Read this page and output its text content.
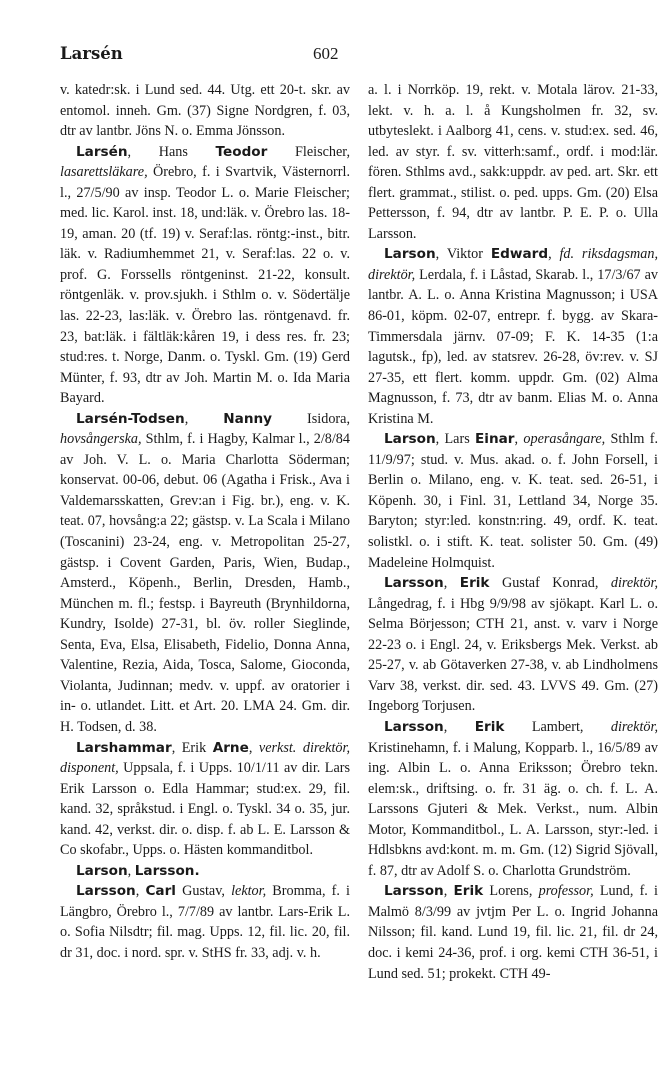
Larsén	602

v. katedr:sk. i Lund sed. 44. Utg. ett 20-t. skr. av entomol. inneh. Gm. (37) Signe Nordgren, f. 03, dtr av lantbr. Jöns N. o. Emma Jönsson.

Larsén, Hans Teodor Fleischer, lasarettsläkare, Örebro, f. i Svartvik, Västernorrl. l., 27/5/90 av insp. Teodor L. o. Marie Fleischer; med. lic. Karol. inst. 18, und:läk. v. Örebro las. 18-19, aman. 20 (tf. 19) v. Seraf:las. röntg:-inst., bitr. läk. v. Radiumhemmet 21, v. Seraf:las. 22 o. v. prof. G. Forssells röntgeninst. 21-22, konsult. röntgenläk. v. prov.sjukh. i Sthlm o. v. Södertälje las. 22-23, las:läk. v. Örebro las. röntgenavd. fr. 23, bat:läk. i fältläk:kåren 19, i dess res. fr. 23; stud:res. t. Norge, Danm. o. Tyskl. Gm. (19) Gerd Münter, f. 93, dtr av Joh. Martin M. o. Ida Maria Bayard.

Larsén-Todsen, Nanny Isidora, hovsångerska, Sthlm, f. i Hagby, Kalmar l., 2/8/84 av Joh. V. L. o. Maria Charlotta Söderman; konservat. 00-06, debut. 06 (Agatha i Frisk., Ava i Valdemarsskatten, Grev:an i Fig. br.), eng. v. K. teat. 07, hovsång:a 22; gästsp. v. La Scala i Milano (Toscanini) 23-24, eng. v. Metropolitan 25-27, gästsp. i Covent Garden, Paris, Wien, Budap., Amsterd., Köpenh., Berlin, Dresden, Hamb., München m. fl.; festsp. i Bayreuth (Brynhildorna, Kundry, Isolde) 27-31, bl. öv. roller Sieglinde, Senta, Eva, Elsa, Elisabeth, Fidelio, Donna Anna, Valentine, Rezia, Aida, Tosca, Salome, Gioconda, Violanta, Judinnan; medv. v. uppf. av oratorier i in- o. utlandet. Litt. et Art. 20. LMA 24. Gm. dir. H. Todsen, d. 38.

Larshammar, Erik Arne, verkst. direktör, disponent, Uppsala, f. i Upps. 10/1/11 av dir. Lars Erik Larsson o. Edla Hammar; stud:ex. 29, fil. kand. 32, språkstud. i Engl. o. Tyskl. 34 o. 35, jur. kand. 42, verkst. dir. o. disp. f. ab L. E. Larsson & Co skofabr., Upps. o. Hästen kommanditbol.

Larson, Larsson.

Larsson, Carl Gustav, lektor, Bromma, f. i Längbro, Örebro l., 7/7/89 av lantbr. Lars-Erik L. o. Sofia Nilsdtr; fil. mag. Upps. 12, fil. lic. 20, fil. dr 31, doc. i nord. spr. v. StHS fr. 33, adj. v. h.

a. l. i Norrköp. 19, rekt. v. Motala lärov. 21-33, lekt. v. h. a. l. å Kungsholmen fr. 32, sv. utbyteslekt. i Aalborg 41, cens. v. stud:ex. sed. 46, led. av styr. f. sv. vitterh:samf., ordf. i mod:lär. fören. Sthlms avd., sakk:uppdr. av ped. art. Skr. ett flert. grammat., stilist. o. ped. upps. Gm. (20) Elsa Pettersson, f. 94, dtr av lantbr. P. E. P. o. Ulla Larsson.

Larson, Viktor Edward, fd. riksdagsman, direktör, Lerdala, f. i Låstad, Skarab. l., 17/3/67 av lantbr. A. L. o. Anna Kristina Magnusson; i USA 86-01, köpm. 02-07, entrepr. f. bygg. av Skara-Timmersdala järnv. 07-09; F. K. 14-35 (1:a lagutsk., fp), led. av statsrev. 26-28, öv:rev. v. SJ 27-35, ett flert. komm. uppdr. Gm. (02) Alma Magnusson, f. 73, dtr av banm. Elias M. o. Anna Kristina M.

Larson, Lars Einar, operasångare, Sthlm f. 11/9/97; stud. v. Mus. akad. o. f. John Forsell, i Berlin o. Milano, eng. v. K. teat. sed. 26-51, i Köpenh. 30, i Finl. 31, Lettland 34, Norge 35. Baryton; styr:led. konstn:ring. 49, ordf. K. teat. solistkl. o. i stift. K. teat. solister 50. Gm. (49) Madeleine Holmquist.

Larsson, Erik Gustaf Konrad, direktör, Långedrag, f. i Hbg 9/9/98 av sjökapt. Karl L. o. Selma Börjesson; CTH 21, anst. v. varv i Norge 22-23 o. i Engl. 24, v. Eriksbergs Mek. Verkst. ab 25-27, v. ab Götaverken 27-38, v. ab Lindholmens Varv 38, verkst. dir. sed. 43. LVVS 49. Gm. (27) Ingeborg Torjusen.

Larsson, Erik Lambert, direktör, Kristinehamn, f. i Malung, Kopparb. l., 16/5/89 av ing. Albin L. o. Anna Eriksson; Örebro tekn. elem:sk., driftsing. o. fr. 31 äg. o. ch. f. L. A. Larssons Gjuteri & Mek. Verkst., num. Albin Motor, Kommanditbol., L. A. Larsson, styr:-led. i Hdlsbkns avd:kont. m. m. Gm. (12) Sigrid Sjövall, f. 87, dtr av Adolf S. o. Charlotta Grundström.

Larsson, Erik Lorens, professor, Lund, f. i Malmö 8/3/99 av jvtjm Per L. o. Ingrid Johanna Nilsson; fil. kand. Lund 19, fil. lic. 21, fil. dr 24, doc. i kemi 24-36, prof. i org. kemi CTH 36-51, i Lund sed. 51; prokekt. CTH 49-
